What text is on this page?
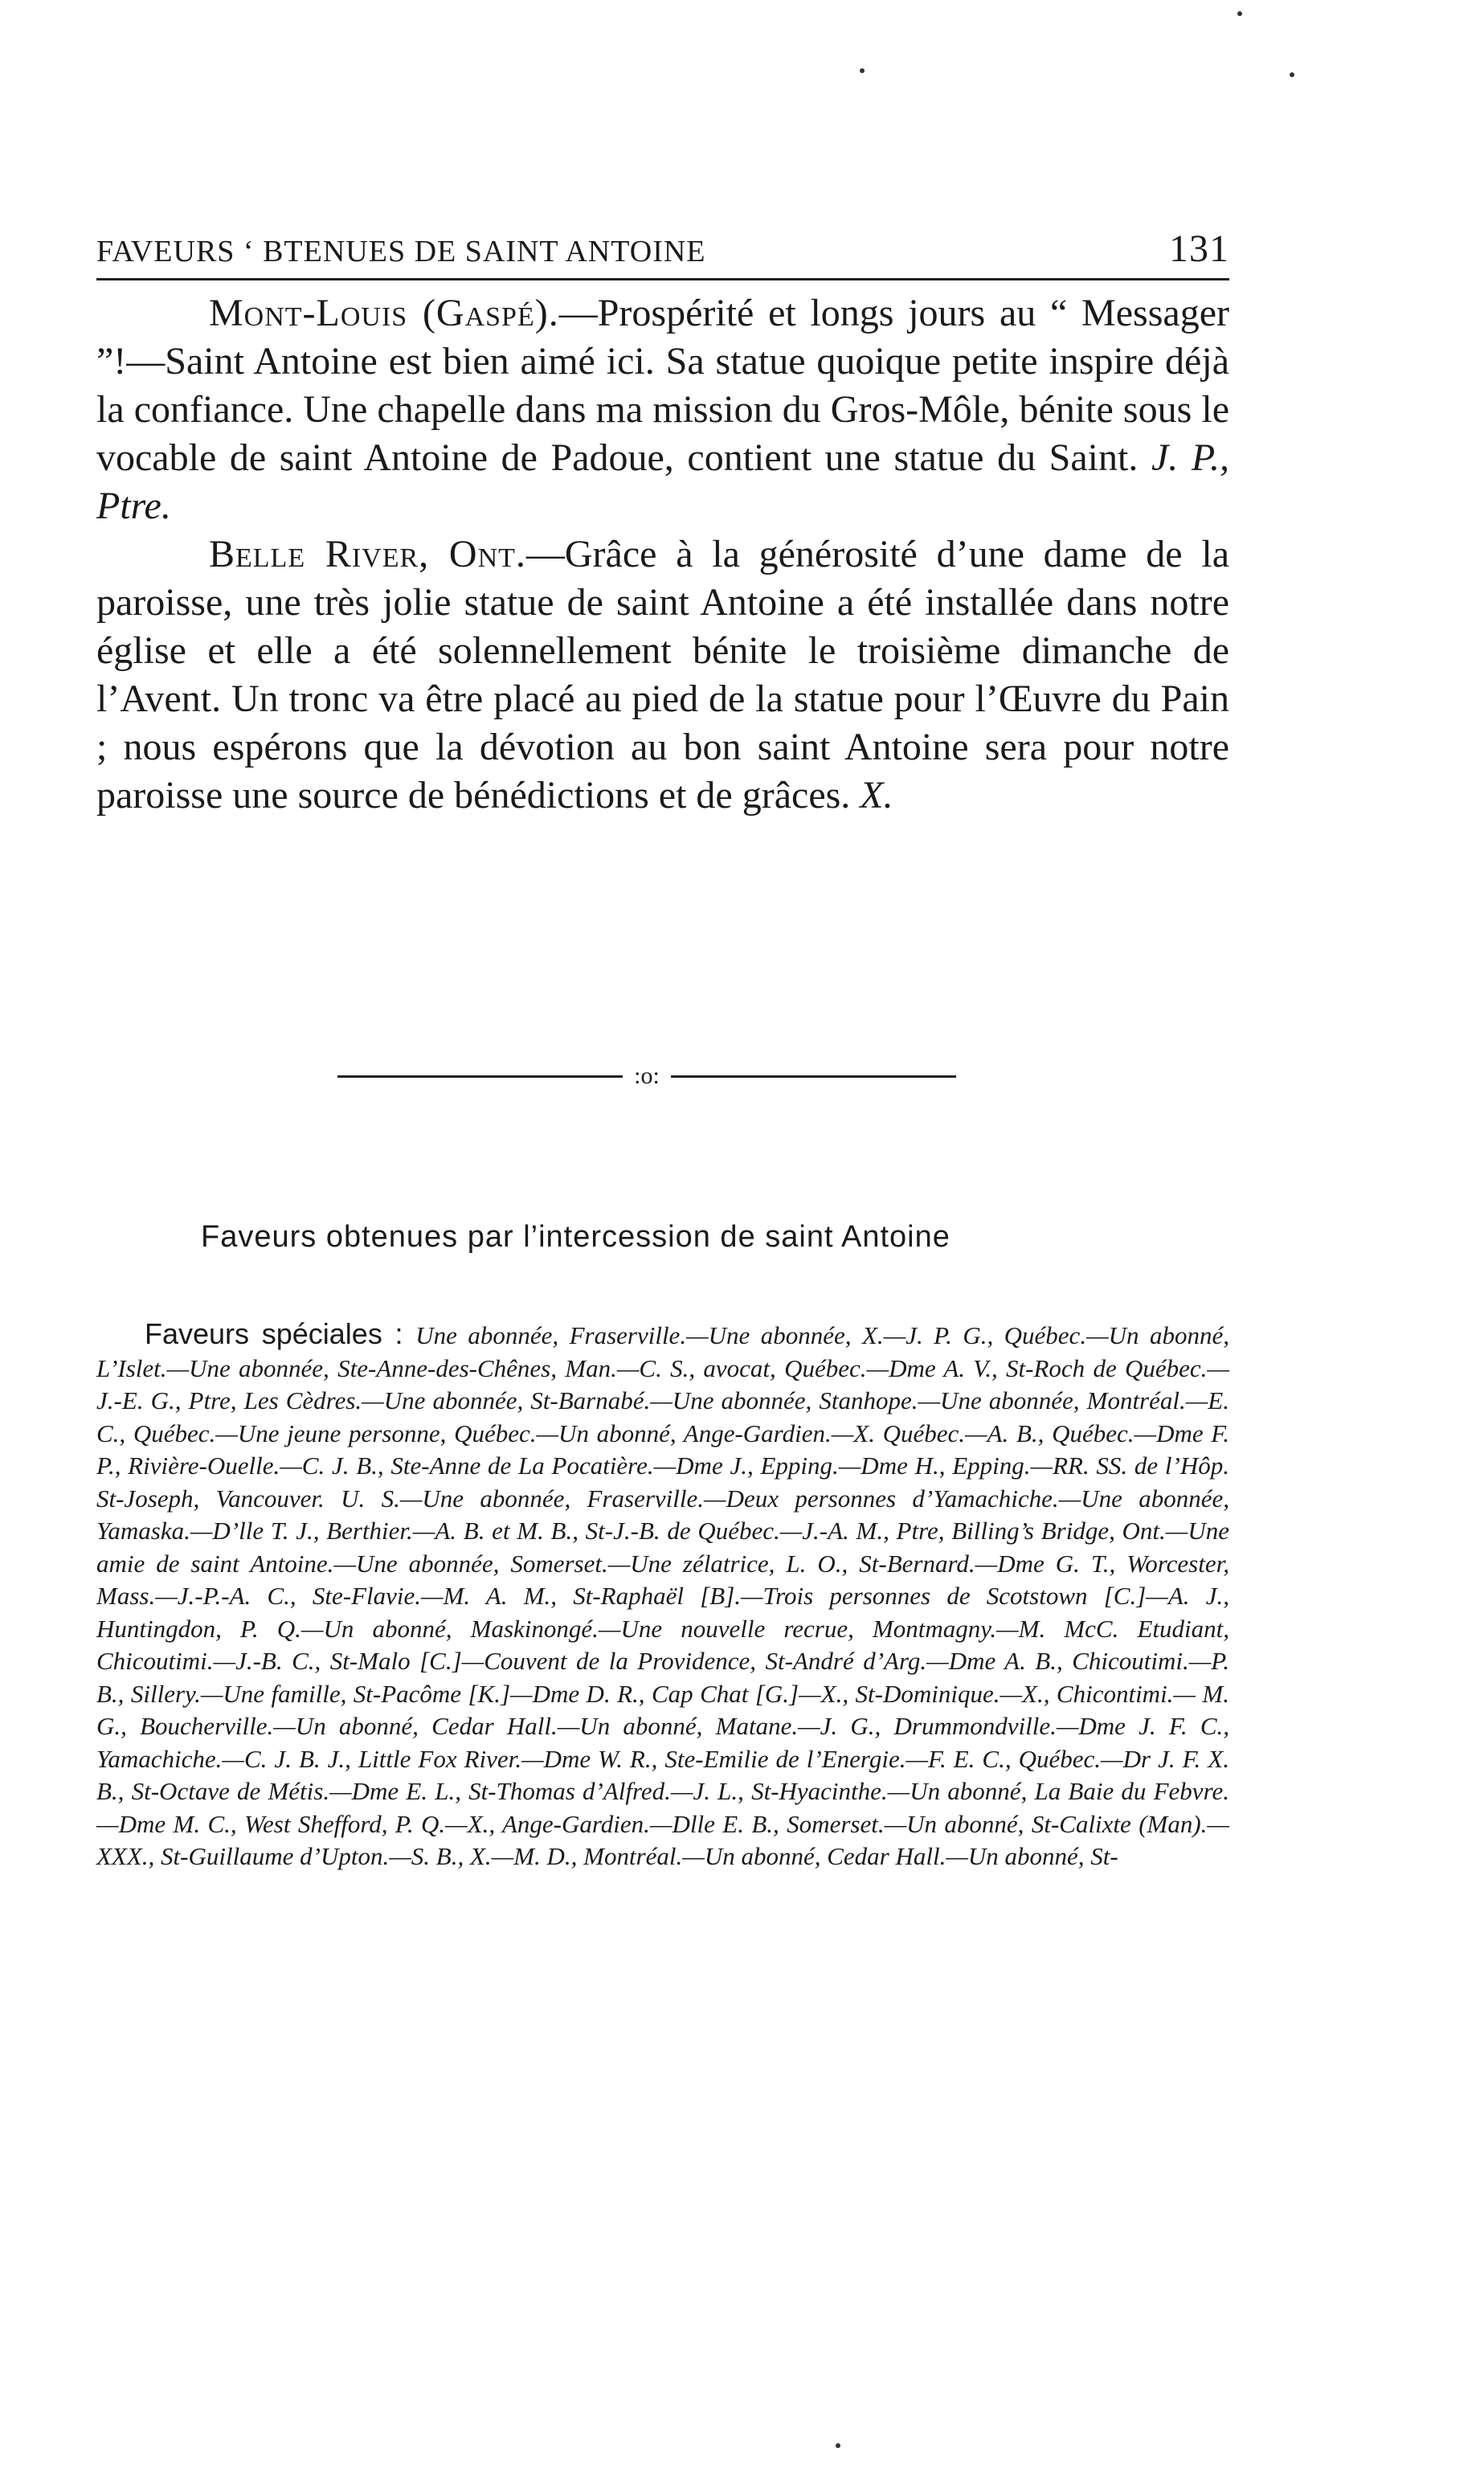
FAVEURS ‘ BTENUES DE SAINT ANTOINE	131

Mont-Louis (Gaspé).—Prospérité et longs jours au “ Messager ”!—Saint Antoine est bien aimé ici. Sa statue quoique petite inspire déjà la confiance. Une chapelle dans ma mission du Gros-Môle, bénite sous le vocable de saint Antoine de Padoue, contient une statue du Saint. J. P., Ptre.

Belle River, Ont.—Grâce à la générosité d’une dame de la paroisse, une très jolie statue de saint Antoine a été installée dans notre église et elle a été solennellement bénite le troisième dimanche de l’Avent. Un tronc va être placé au pied de la statue pour l’Œuvre du Pain ; nous espérons que la dévotion au bon saint Antoine sera pour notre paroisse une source de bénédictions et de grâces. X.

:o:
Faveurs obtenues par l’intercession de saint Antoine

Faveurs spéciales : Une abonnée, Fraserville.—Une abonnée, X.—J. P. G., Québec.—Un abonné, L’Islet.—Une abonnée, Ste-Anne-des-Chênes, Man.—C. S., avocat, Québec.—Dme A. V., St-Roch de Québec.—J.-E. G., Ptre, Les Cèdres.—Une abonnée, St-Barnabé.—Une abonnée, Stanhope.—Une abonnée, Montréal.—E. C., Québec.—Une jeune personne, Québec.—Un abonné, Ange-Gardien.—X. Québec.—A. B., Québec.—Dme F. P., Rivière-Ouelle.—C. J. B., Ste-Anne de La Pocatière.—Dme J., Epping.—Dme H., Epping.—RR. SS. de l’Hôp. St-Joseph, Vancouver. U. S.—Une abonnée, Fraserville.—Deux personnes d’Yamachiche.—Une abonnée, Yamaska.—D’lle T. J., Berthier.—A. B. et M. B., St-J.-B. de Québec.—J.-A. M., Ptre, Billing’s Bridge, Ont.—Une amie de saint Antoine.—Une abonnée, Somerset.—Une zélatrice, L. O., St-Bernard.—Dme G. T., Worcester, Mass.—J.-P.-A. C., Ste-Flavie.—M. A. M., St-Raphaël [B].—Trois personnes de Scotstown [C.]—A. J., Huntingdon, P. Q.—Un abonné, Maskinongé.—Une nouvelle recrue, Montmagny.—M. McC. Etudiant, Chicoutimi.—J.-B. C., St-Malo [C.]—Couvent de la Providence, St-André d’Arg.—Dme A. B., Chicoutimi.—P. B., Sillery.—Une famille, St-Pacôme [K.]—Dme D. R., Cap Chat [G.]—X., St-Dominique.—X., Chicontimi.— M. G., Boucherville.—Un abonné, Cedar Hall.—Un abonné, Matane.—J. G., Drummondville.—Dme J. F. C., Yamachiche.—C. J. B. J., Little Fox River.—Dme W. R., Ste-Emilie de l’Energie.—F. E. C., Québec.—Dr J. F. X. B., St-Octave de Métis.—Dme E. L., St-Thomas d’Alfred.—J. L., St-Hyacinthe.—Un abonné, La Baie du Febvre.—Dme M. C., West Shefford, P. Q.—X., Ange-Gardien.—Dlle E. B., Somerset.—Un abonné, St-Calixte (Man).—XXX., St-Guillaume d’Upton.—S. B., X.—M. D., Montréal.—Un abonné, Cedar Hall.—Un abonné, St-
